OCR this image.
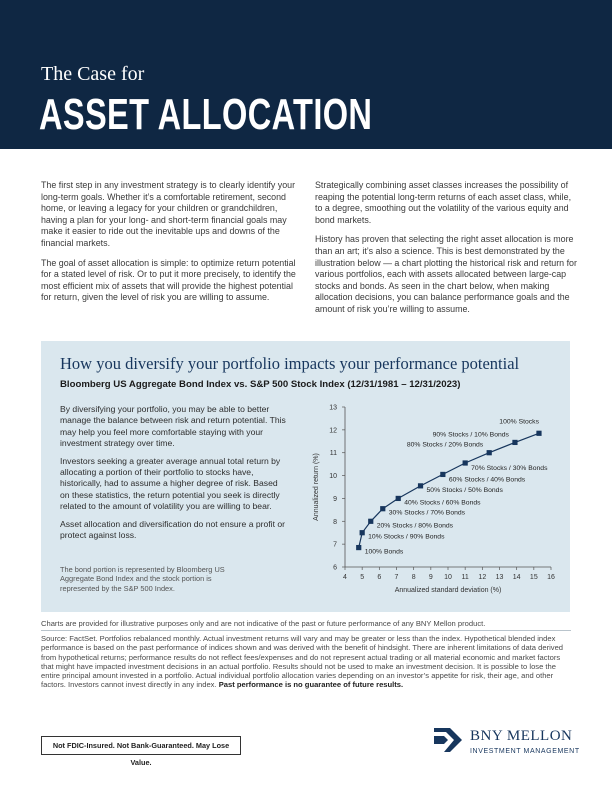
The Case for
ASSET ALLOCATION

The first step in any investment strategy is to clearly identify your long-term goals. Whether it’s a comfortable retirement, second home, or leaving a legacy for your children or grandchildren, having a plan for your long- and short-term financial goals may make it easier to ride out the inevitable ups and downs of the financial markets.

The goal of asset allocation is simple: to optimize return potential for a stated level of risk. Or to put it more precisely, to identify the most efficient mix of assets that will provide the highest potential for return, given the level of risk you are willing to assume.

Strategically combining asset classes increases the possibility of reaping the potential long-term returns of each asset class, while, to a degree, smoothing out the volatility of the various equity and bond markets.

History has proven that selecting the right asset allocation is more than an art; it’s also a science. This is best demonstrated by the illustration below — a chart plotting the historical risk and return for various portfolios, each with assets allocated between large-cap stocks and bonds. As seen in the chart below, when making allocation decisions, you can balance performance goals and the amount of risk you’re willing to assume.

How you diversify your portfolio impacts your performance potential
Bloomberg US Aggregate Bond Index vs. S&P 500 Stock Index (12/31/1981 – 12/31/2023)

By diversifying your portfolio, you may be able to better manage the balance between risk and return potential. This may help you feel more comfortable staying with your investment strategy over time.

Investors seeking a greater average annual total return by allocating a portion of their portfolio to stocks have, historically, had to assume a higher degree of risk. Based on these statistics, the return potential you seek is directly related to the amount of volatility you are willing to bear.

Asset allocation and diversification do not ensure a profit or protect against loss.

The bond portion is represented by Bloomberg US Aggregate Bond Index and the stock portion is represented by the S&P 500 Index.
4 5 6 7 8 9 10 11 12 13 14 15 16
6
7
8
9
10
11
12
13
Annualized standard deviation (%)
Annualized return (%)
100% Bonds
10% Stocks / 90% Bonds
20% Stocks / 80% Bonds
30% Stocks / 70% Bonds
40% Stocks / 60% Bonds
50% Stocks / 50% Bonds
60% Stocks / 40% Bonds
70% Stocks / 30% Bonds
80% Stocks / 20% Bonds
90% Stocks / 10% Bonds
100% Stocks

Charts are provided for illustrative purposes only and are not indicative of the past or future performance of any BNY Mellon product.

Source: FactSet. Portfolios rebalanced monthly. Actual investment returns will vary and may be greater or less than the index. Hypothetical blended index performance is based on the past performance of indices shown and was derived with the benefit of hindsight. There are inherent limitations of data derived from hypothetical returns; performance results do not reflect fees/expenses and do not represent actual trading or all material economic and market factors that might have impacted investment decisions in an actual portfolio. Results should not be used to make an investment decision. It is possible to lose the entire principal amount invested in a portfolio. Actual individual portfolio allocation varies depending on an investor’s appetite for risk, their age, and other factors. Investors cannot invest directly in any index. Past performance is no guarantee of future results.

Not FDIC-Insured. Not Bank-Guaranteed. May Lose Value.
BNY MELLON
INVESTMENT MANAGEMENT
